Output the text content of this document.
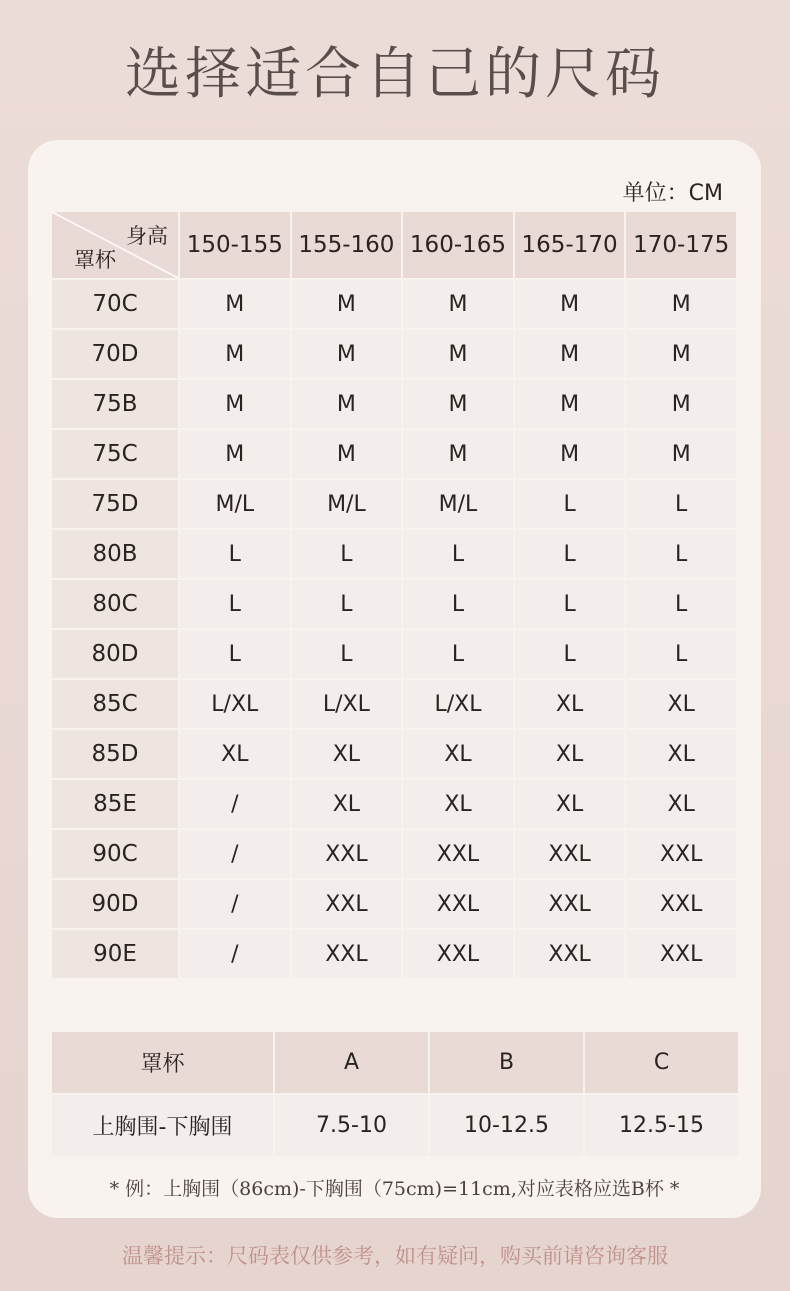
选择适合自己的尺码
单位：CM
身高
罩杯	150-155	155-160	160-165	165-170	170-175
70C	M	M	M	M	M
70D	M	M	M	M	M
75B	M	M	M	M	M
75C	M	M	M	M	M
75D	M/L	M/L	M/L	L	L
80B	L	L	L	L	L
80C	L	L	L	L	L
80D	L	L	L	L	L
85C	L/XL	L/XL	L/XL	XL	XL
85D	XL	XL	XL	XL	XL
85E	/	XL	XL	XL	XL
90C	/	XXL	XXL	XXL	XXL
90D	/	XXL	XXL	XXL	XXL
90E	/	XXL	XXL	XXL	XXL
罩杯	A	B	C
上胸围-下胸围	7.5-10	10-12.5	12.5-15
* 例：上胸围（86cm)-下胸围（75cm)=11cm,对应表格应选B杯 *
温馨提示：尺码表仅供参考，如有疑问，购买前请咨询客服
